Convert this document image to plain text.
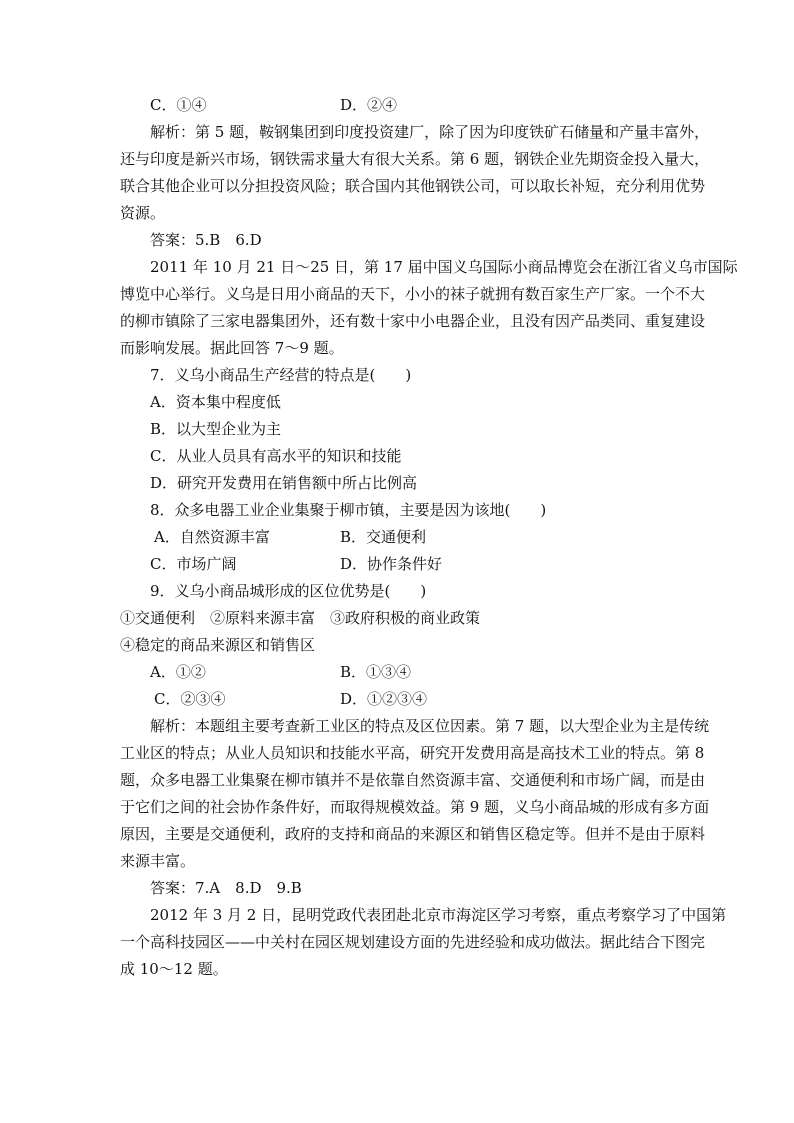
C．①④	D．②④
解析：第 5 题，鞍钢集团到印度投资建厂，除了因为印度铁矿石储量和产量丰富外，
还与印度是新兴市场，钢铁需求量大有很大关系。第 6 题，钢铁企业先期资金投入量大，
联合其他企业可以分担投资风险；联合国内其他钢铁公司，可以取长补短，充分利用优势
资源。
答案：5.B　6.D
2011 年 10 月 21 日～25 日，第 17 届中国义乌国际小商品博览会在浙江省义乌市国际
博览中心举行。义乌是日用小商品的天下，小小的袜子就拥有数百家生产厂家。一个不大
的柳市镇除了三家电器集团外，还有数十家中小电器企业，且没有因产品类同、重复建设
而影响发展。据此回答 7～9 题。
7．义乌小商品生产经营的特点是(　　)
A．资本集中程度低
B．以大型企业为主
C．从业人员具有高水平的知识和技能
D．研究开发费用在销售额中所占比例高
8．众多电器工业企业集聚于柳市镇，主要是因为该地(　　)
A．自然资源丰富	B．交通便利
C．市场广阔	D．协作条件好
9．义乌小商品城形成的区位优势是(　　)
①交通便利　②原料来源丰富　③政府积极的商业政策
④稳定的商品来源区和销售区
A．①②	B．①③④
C．②③④	D．①②③④
解析：本题组主要考查新工业区的特点及区位因素。第 7 题，以大型企业为主是传统
工业区的特点；从业人员知识和技能水平高，研究开发费用高是高技术工业的特点。第 8
题，众多电器工业集聚在柳市镇并不是依靠自然资源丰富、交通便利和市场广阔，而是由
于它们之间的社会协作条件好，而取得规模效益。第 9 题，义乌小商品城的形成有多方面
原因，主要是交通便利，政府的支持和商品的来源区和销售区稳定等。但并不是由于原料
来源丰富。
答案：7.A　8.D　9.B
2012 年 3 月 2 日，昆明党政代表团赴北京市海淀区学习考察，重点考察学习了中国第
一个高科技园区——中关村在园区规划建设方面的先进经验和成功做法。据此结合下图完
成 10～12 题。
